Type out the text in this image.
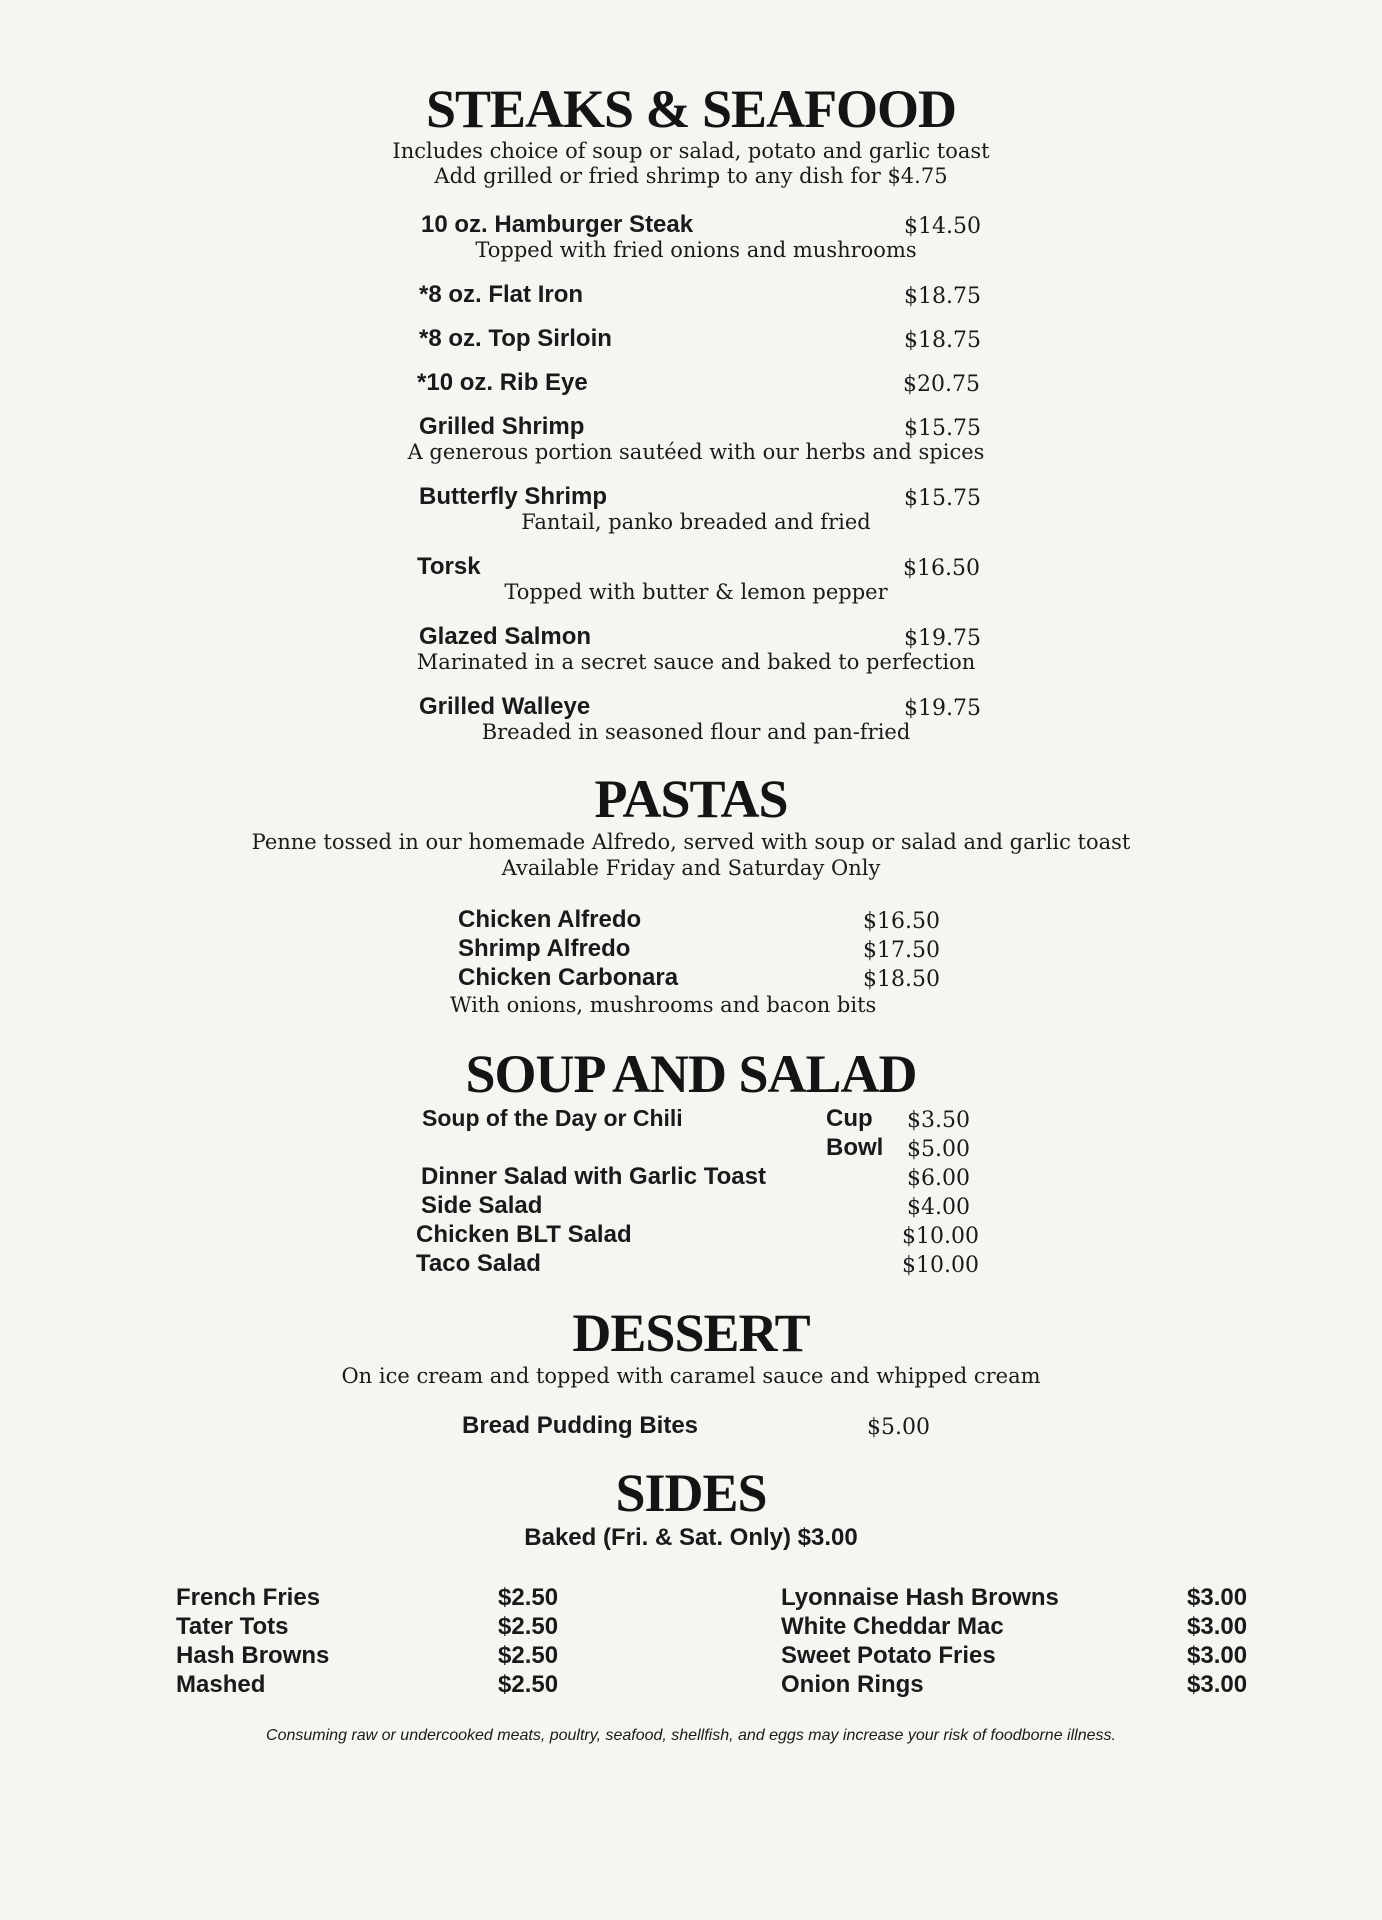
STEAKS & SEAFOOD
Includes choice of soup or salad, potato and garlic toast
Add grilled or fried shrimp to any dish for $4.75
10 oz. Hamburger Steak	$14.50
Topped with fried onions and mushrooms
*8 oz. Flat Iron	$18.75
*8 oz. Top Sirloin	$18.75
*10 oz. Rib Eye	$20.75
Grilled Shrimp	$15.75
A generous portion sautéed with our herbs and spices
Butterfly Shrimp	$15.75
Fantail, panko breaded and fried
Torsk	$16.50
Topped with butter & lemon pepper
Glazed Salmon	$19.75
Marinated in a secret sauce and baked to perfection
Grilled Walleye	$19.75
Breaded in seasoned flour and pan-fried
PASTAS
Penne tossed in our homemade Alfredo, served with soup or salad and garlic toast
Available Friday and Saturday Only
Chicken Alfredo	$16.50
Shrimp Alfredo	$17.50
Chicken Carbonara	$18.50
With onions, mushrooms and bacon bits
SOUP AND SALAD
Soup of the Day or Chili	Cup $3.50
Bowl $5.00
Dinner Salad with Garlic Toast	$6.00
Side Salad	$4.00
Chicken BLT Salad	$10.00
Taco Salad	$10.00
DESSERT
On ice cream and topped with caramel sauce and whipped cream
Bread Pudding Bites	$5.00
SIDES
Baked (Fri. & Sat. Only) $3.00
French Fries	$2.50
Tater Tots	$2.50
Hash Browns	$2.50
Mashed	$2.50
Lyonnaise Hash Browns	$3.00
White Cheddar Mac	$3.00
Sweet Potato Fries	$3.00
Onion Rings	$3.00
Consuming raw or undercooked meats, poultry, seafood, shellfish, and eggs may increase your risk of foodborne illness.
